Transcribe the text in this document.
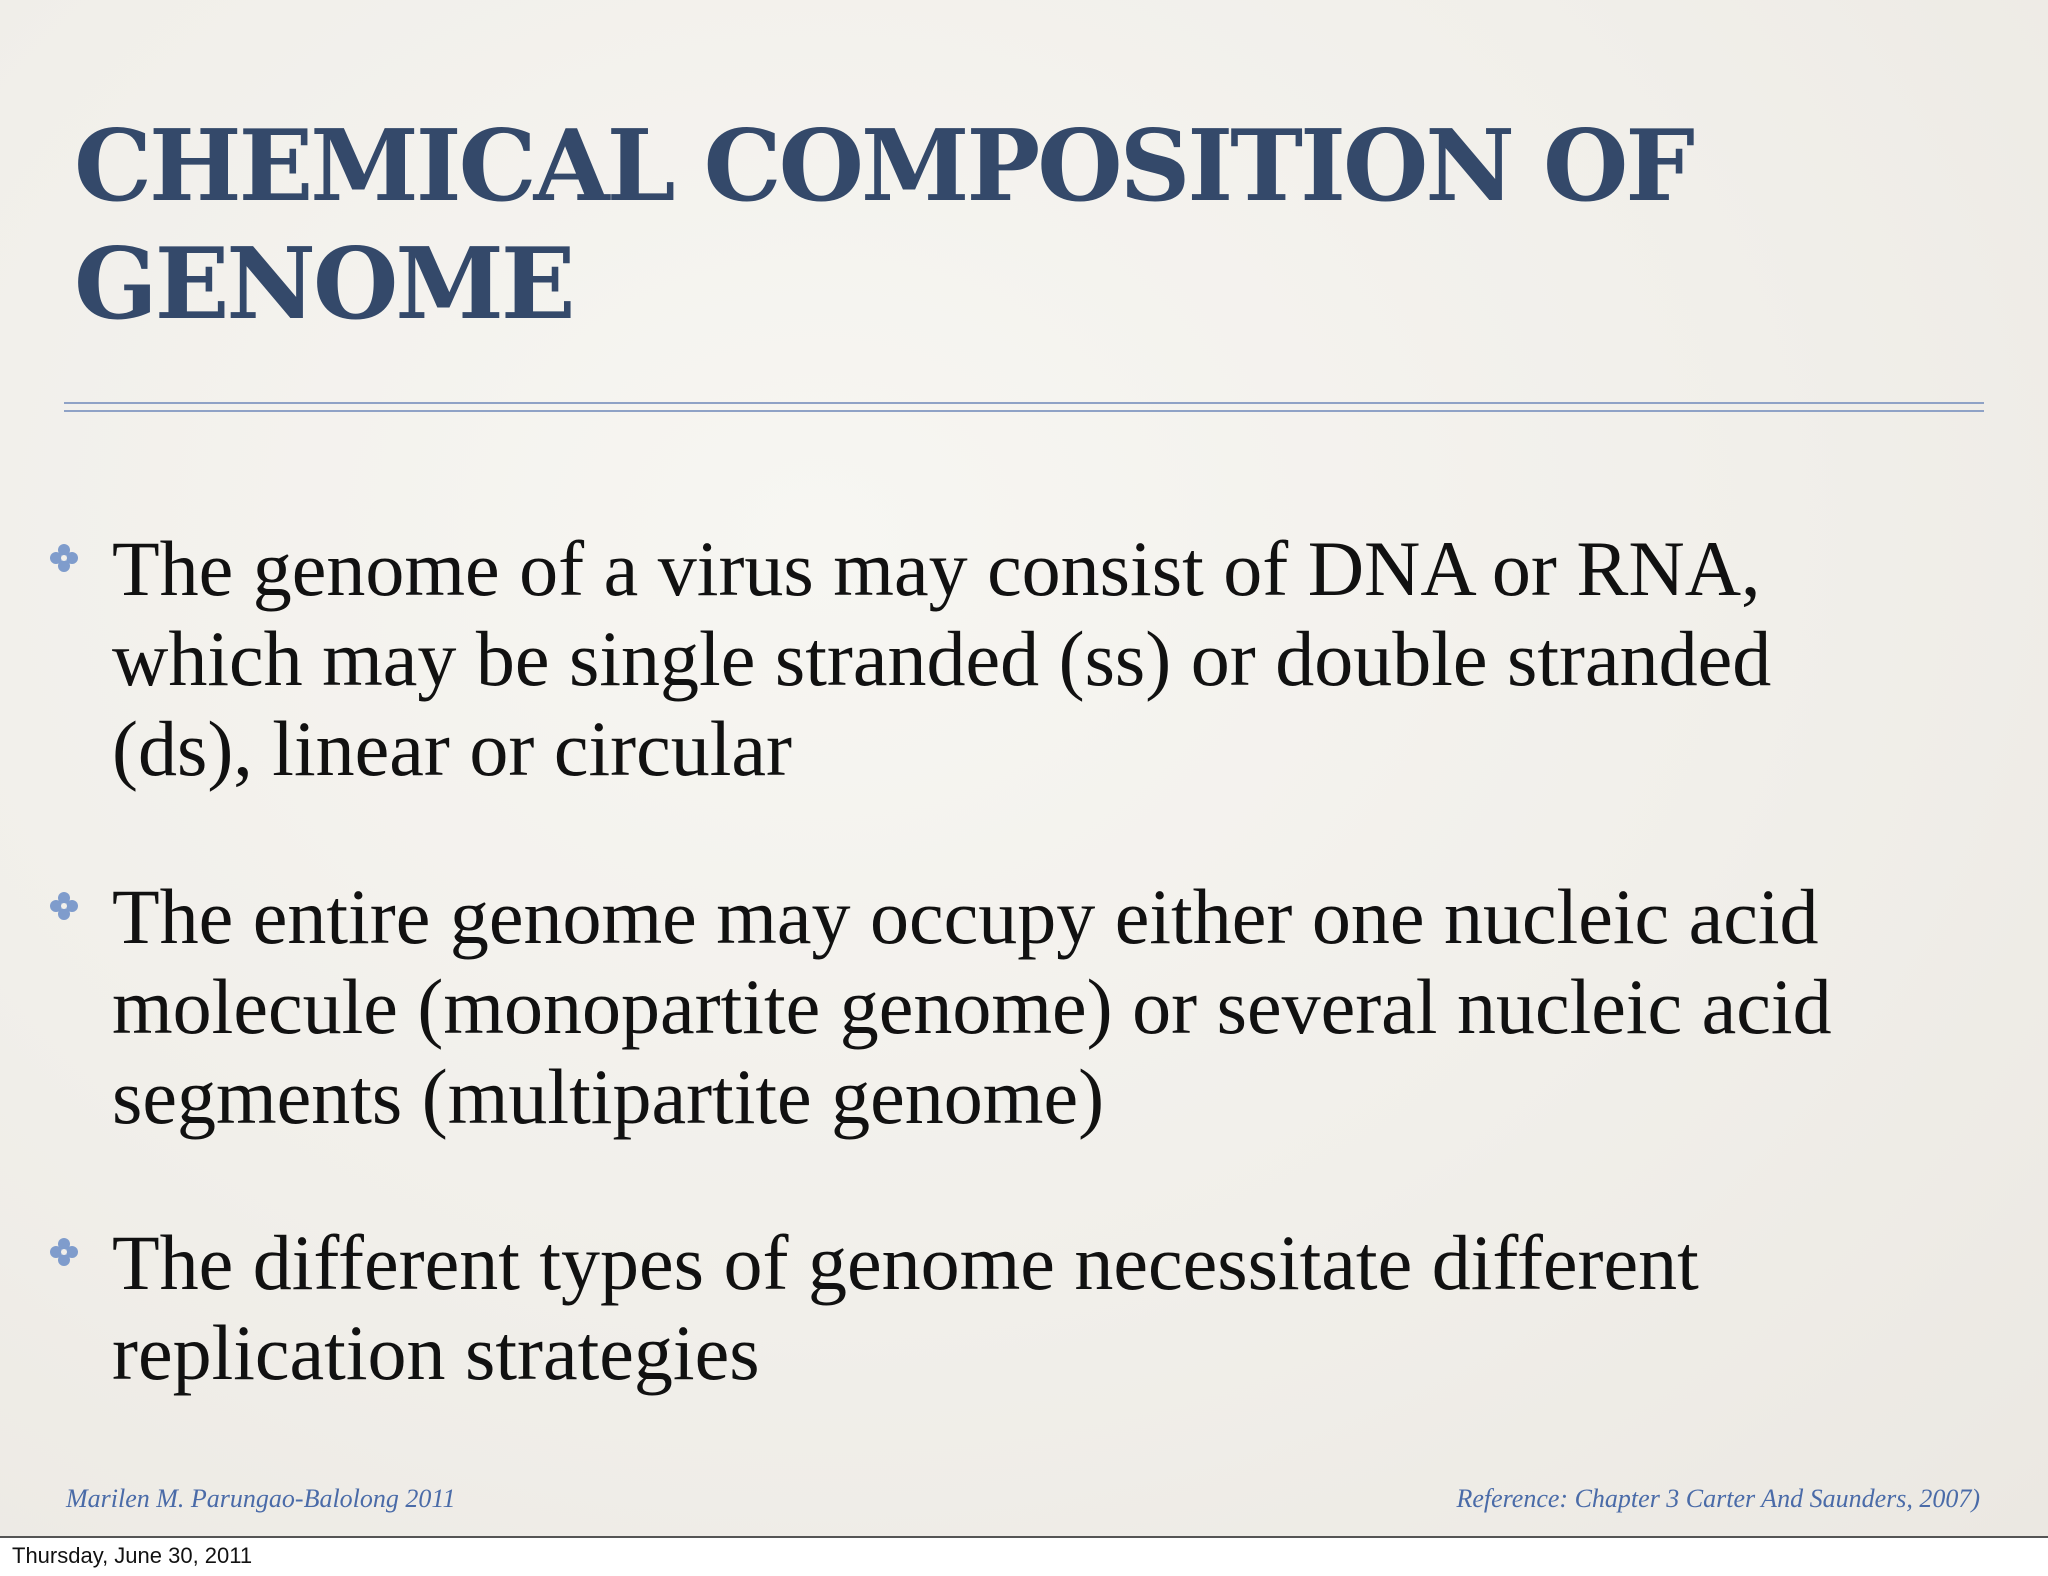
CHEMICAL COMPOSITION OF
GENOME
The genome of a virus may consist of DNA or RNA,
which may be single stranded (ss) or double stranded
(ds), linear or circular
The entire genome may occupy either one nucleic acid
molecule (monopartite genome) or several nucleic acid
segments (multipartite genome)
The different types of genome necessitate different
replication strategies
Marilen M. Parungao-Balolong 2011	Reference: Chapter 3 Carter And Saunders, 2007)
Thursday, June 30, 2011
